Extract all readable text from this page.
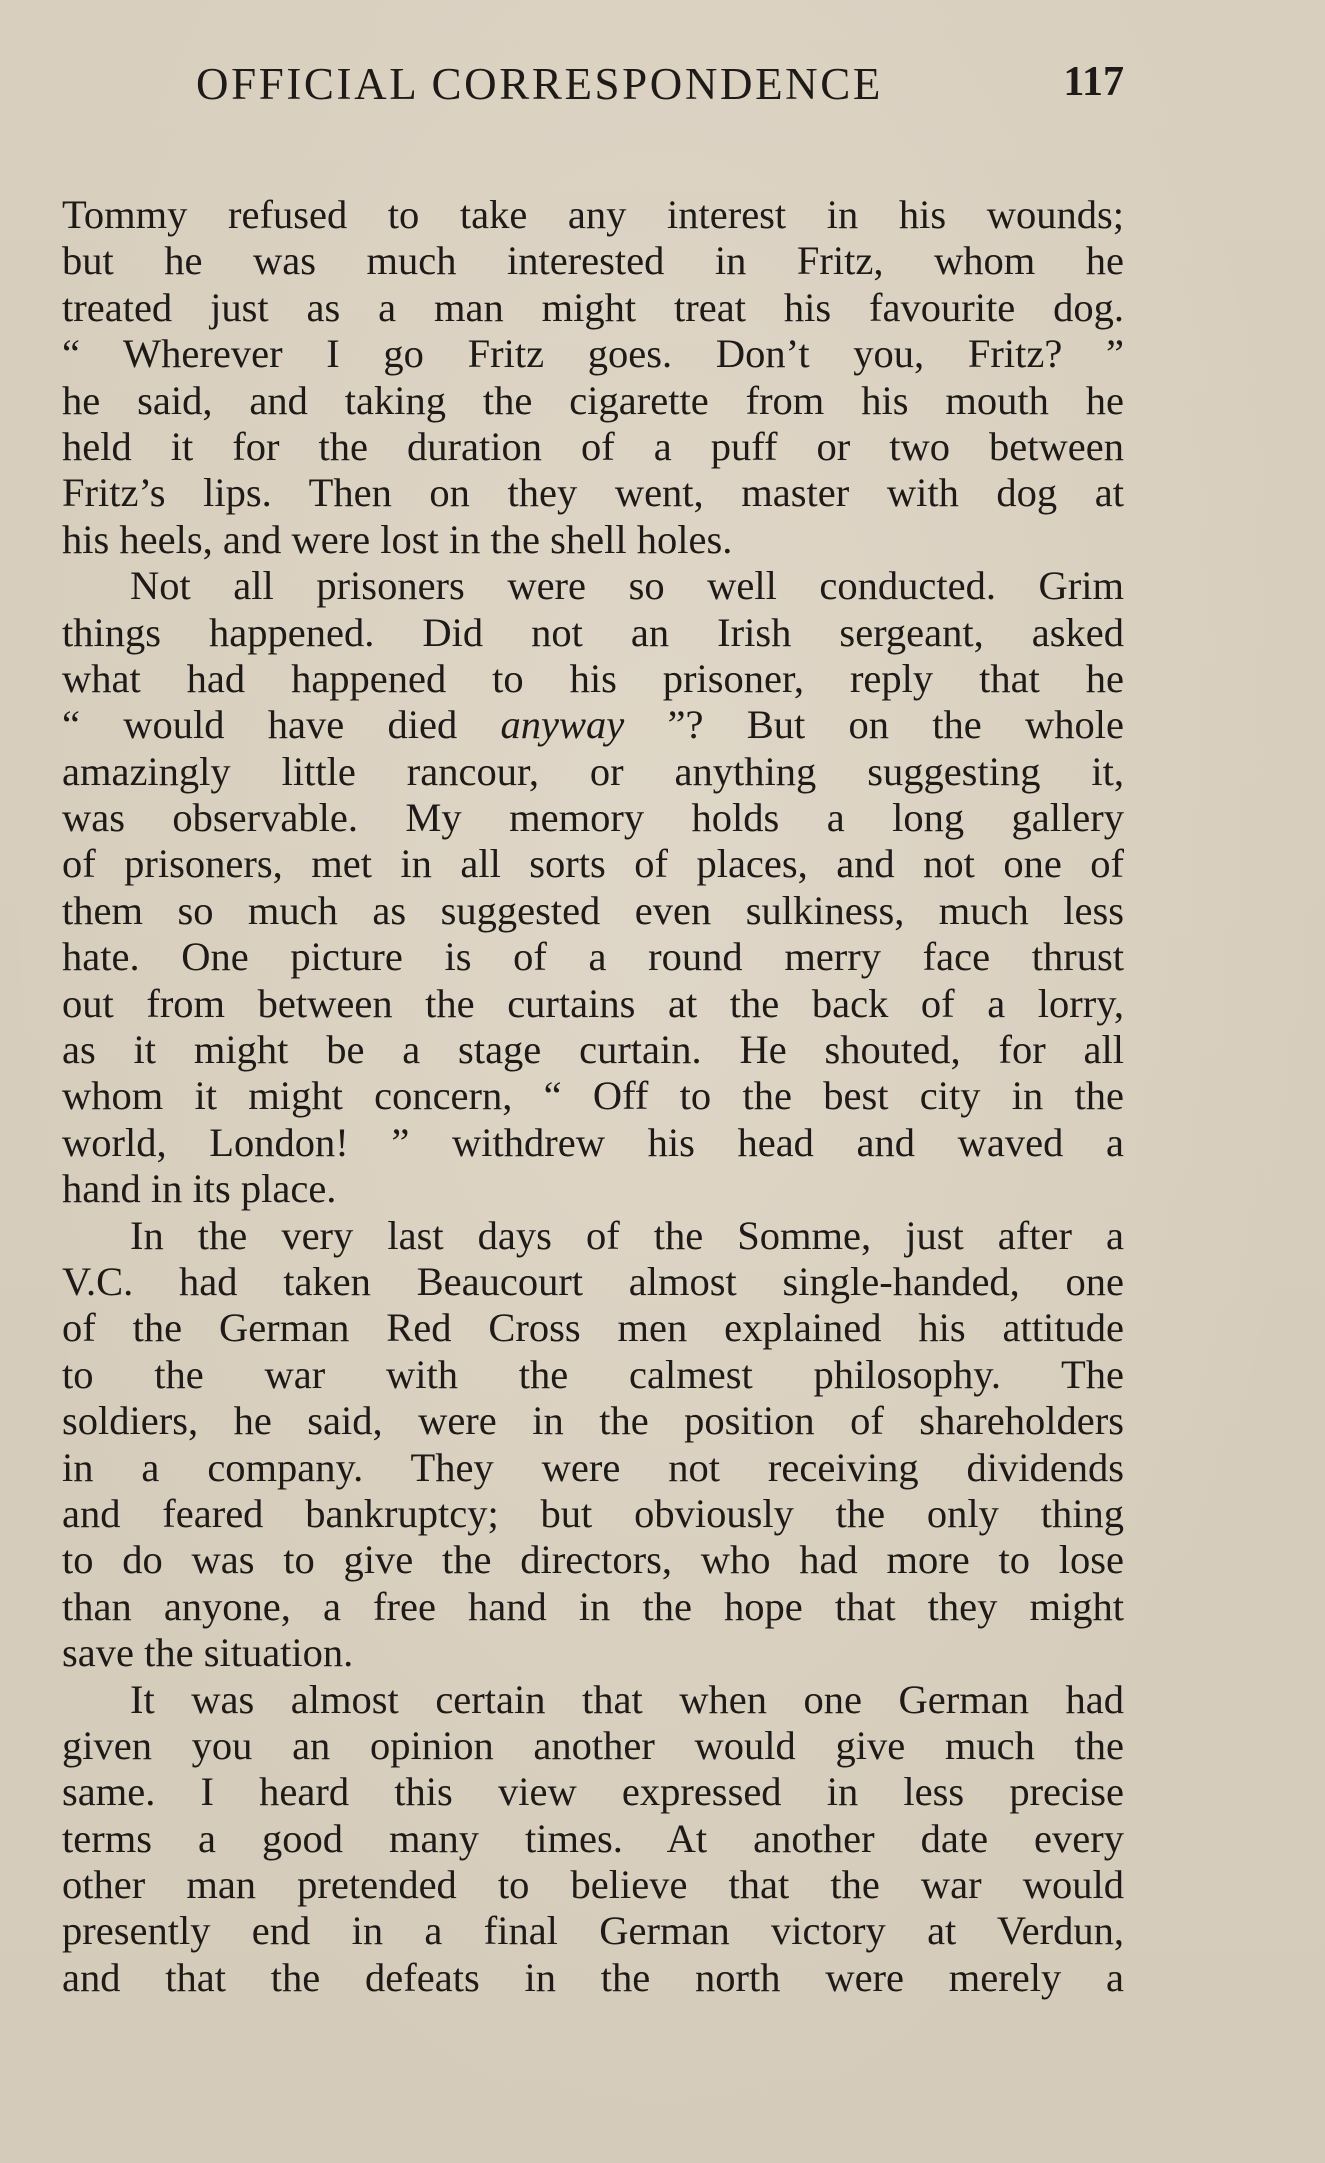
OFFICIAL CORRESPONDENCE	117
Tommy refused to take any interest in his wounds;
but he was much interested in Fritz, whom he
treated just as a man might treat his favourite dog.
“ Wherever I go Fritz goes. Don’t you, Fritz? ”
he said, and taking the cigarette from his mouth he
held it for the duration of a puff or two between
Fritz’s lips. Then on they went, master with dog at
his heels, and were lost in the shell holes.
Not all prisoners were so well conducted. Grim
things happened. Did not an Irish sergeant, asked
what had happened to his prisoner, reply that he
“ would have died anyway ”? But on the whole
amazingly little rancour, or anything suggesting it,
was observable. My memory holds a long gallery
of prisoners, met in all sorts of places, and not one of
them so much as suggested even sulkiness, much less
hate. One picture is of a round merry face thrust
out from between the curtains at the back of a lorry,
as it might be a stage curtain. He shouted, for all
whom it might concern, “ Off to the best city in the
world, London! ” withdrew his head and waved a
hand in its place.
In the very last days of the Somme, just after a
V.C. had taken Beaucourt almost single-handed, one
of the German Red Cross men explained his attitude
to the war with the calmest philosophy. The
soldiers, he said, were in the position of shareholders
in a company. They were not receiving dividends
and feared bankruptcy; but obviously the only thing
to do was to give the directors, who had more to lose
than anyone, a free hand in the hope that they might
save the situation.
It was almost certain that when one German had
given you an opinion another would give much the
same. I heard this view expressed in less precise
terms a good many times. At another date every
other man pretended to believe that the war would
presently end in a final German victory at Verdun,
and that the defeats in the north were merely a
